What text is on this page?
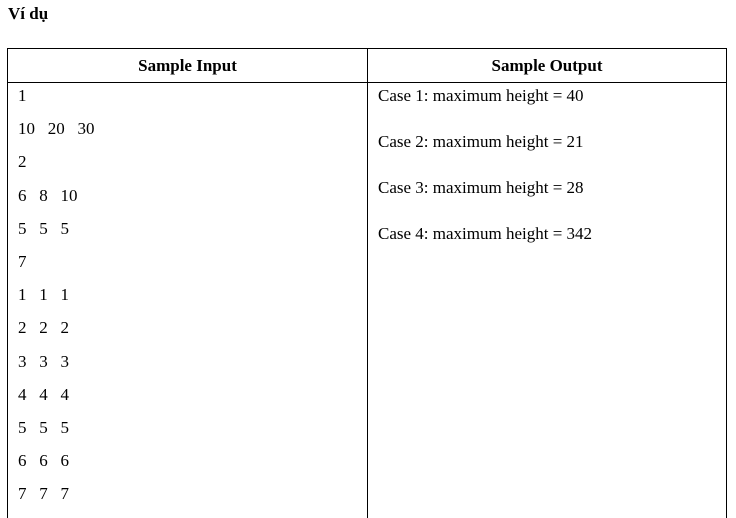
Ví dụ
Sample Input	Sample Output
1
10   20   30
2
6   8   10
5   5   5
7
1   1   1
2   2   2
3   3   3
4   4   4
5   5   5
6   6   6
7   7   7
Case 1: maximum height = 40
Case 2: maximum height = 21
Case 3: maximum height = 28
Case 4: maximum height = 342
